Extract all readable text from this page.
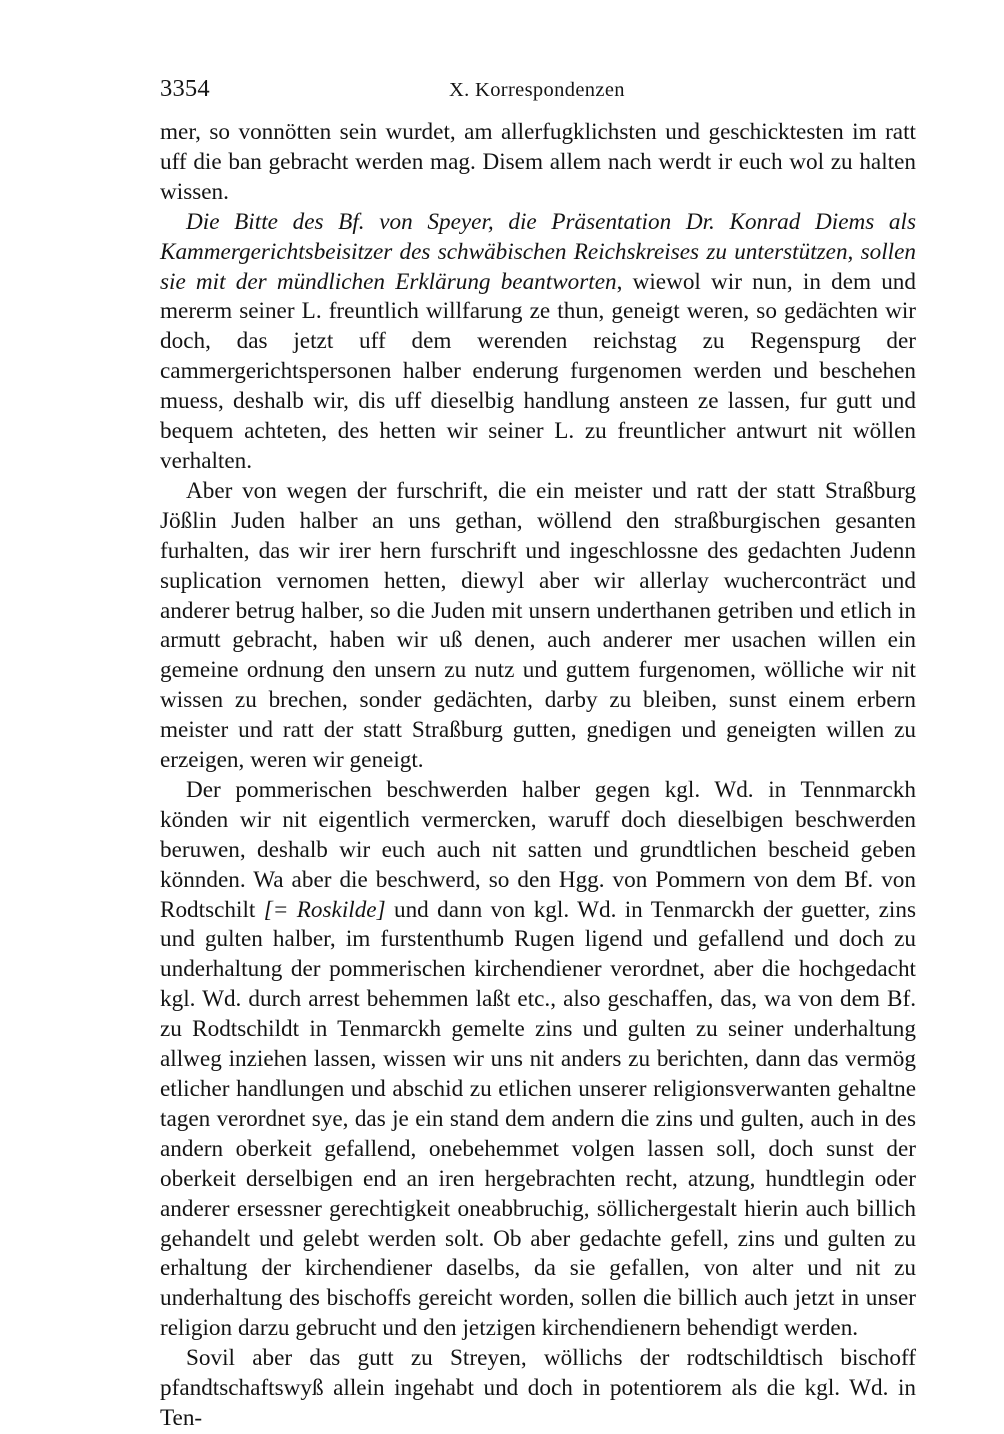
3354	X. Korrespondenzen

mer, so vonnötten sein wurdet, am allerfugklichsten und geschicktesten im ratt uff die ban gebracht werden mag. Disem allem nach werdt ir euch wol zu halten wissen.

Die Bitte des Bf. von Speyer, die Präsentation Dr. Konrad Diems als Kammergerichtsbeisitzer des schwäbischen Reichskreises zu unterstützen, sollen sie mit der mündlichen Erklärung beantworten, wiewol wir nun, in dem und mererm seiner L. freuntlich willfarung ze thun, geneigt weren, so gedächten wir doch, das jetzt uff dem werenden reichstag zu Regenspurg der cammergerichtspersonen halber enderung furgenomen werden und beschehen muess, deshalb wir, dis uff dieselbig handlung ansteen ze lassen, fur gutt und bequem achteten, des hetten wir seiner L. zu freuntlicher antwurt nit wöllen verhalten.

Aber von wegen der furschrift, die ein meister und ratt der statt Straßburg Jößlin Juden halber an uns gethan, wöllend den straßburgischen gesanten furhalten, das wir irer hern furschrift und ingeschlossne des gedachten Judenn suplication vernomen hetten, diewyl aber wir allerlay wucherconträct und anderer betrug halber, so die Juden mit unsern underthanen getriben und etlich in armutt gebracht, haben wir uß denen, auch anderer mer usachen willen ein gemeine ordnung den unsern zu nutz und guttem furgenomen, wölliche wir nit wissen zu brechen, sonder gedächten, darby zu bleiben, sunst einem erbern meister und ratt der statt Straßburg gutten, gnedigen und geneigten willen zu erzeigen, weren wir geneigt.

Der pommerischen beschwerden halber gegen kgl. Wd. in Tennmarckh könden wir nit eigentlich vermercken, waruff doch dieselbigen beschwerden beruwen, deshalb wir euch auch nit satten und grundtlichen bescheid geben könnden. Wa aber die beschwerd, so den Hgg. von Pommern von dem Bf. von Rodtschilt [= Roskilde] und dann von kgl. Wd. in Tenmarckh der guetter, zins und gulten halber, im furstenthumb Rugen ligend und gefallend und doch zu underhaltung der pommerischen kirchendiener verordnet, aber die hochgedacht kgl. Wd. durch arrest behemmen laßt etc., also geschaffen, das, wa von dem Bf. zu Rodtschildt in Tenmarckh gemelte zins und gulten zu seiner underhaltung allweg inziehen lassen, wissen wir uns nit anders zu berichten, dann das vermög etlicher handlungen und abschid zu etlichen unserer religionsverwanten gehaltne tagen verordnet sye, das je ein stand dem andern die zins und gulten, auch in des andern oberkeit gefallend, onebehemmet volgen lassen soll, doch sunst der oberkeit derselbigen end an iren hergebrachten recht, atzung, hundtlegin oder anderer ersessner gerechtigkeit oneabbruchig, söllichergestalt hierin auch billich gehandelt und gelebt werden solt. Ob aber gedachte gefell, zins und gulten zu erhaltung der kirchendiener daselbs, da sie gefallen, von alter und nit zu underhaltung des bischoffs gereicht worden, sollen die billich auch jetzt in unser religion darzu gebrucht und den jetzigen kirchendienern behendigt werden.

Sovil aber das gutt zu Streyen, wöllichs der rodtschildtisch bischoff pfandtschaftswyß allein ingehabt und doch in potentiorem als die kgl. Wd. in Ten-
